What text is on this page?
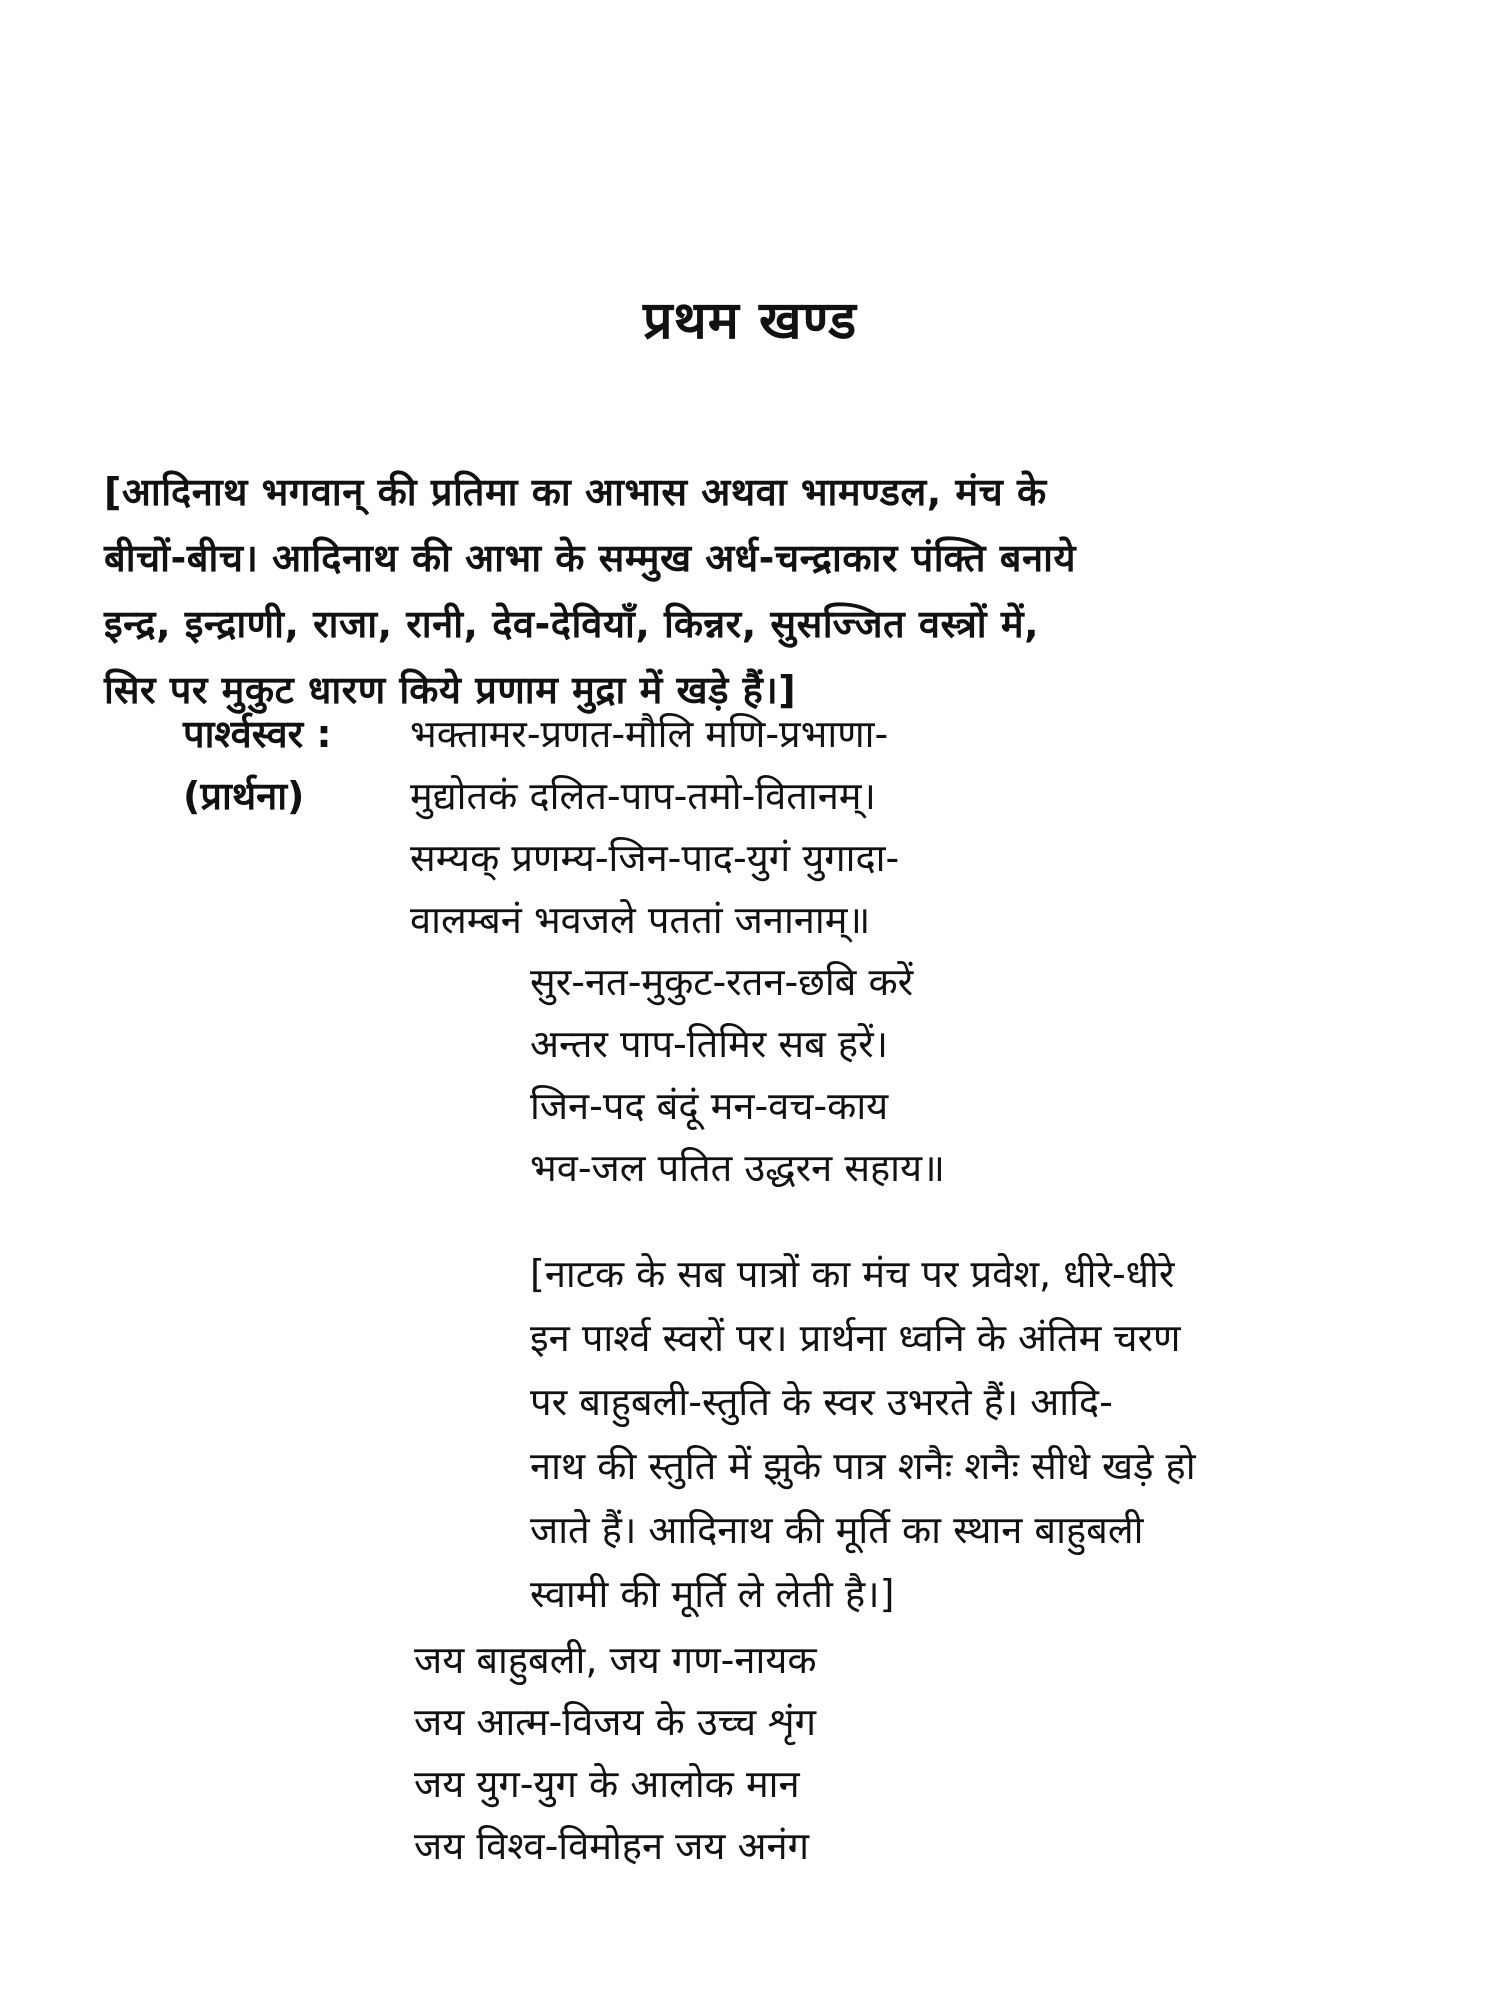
प्रथम खण्ड
[आदिनाथ भगवान् की प्रतिमा का आभास अथवा भामण्डल, मंच के
बीचों-बीच। आदिनाथ की आभा के सम्मुख अर्ध-चन्द्राकार पंक्ति बनाये
इन्द्र, इन्द्राणी, राजा, रानी, देव-देवियाँ, किन्नर, सुसज्जित वस्त्रों में,
सिर पर मुकुट धारण किये प्रणाम मुद्रा में खड़े हैं।]
पार्श्वस्वर :
(प्रार्थना)
भक्तामर-प्रणत-मौलि मणि-प्रभाणा-
मुद्योतकं दलित-पाप-तमो-वितानम्।
सम्यक् प्रणम्य-जिन-पाद-युगं युगादा-
वालम्बनं भवजले पततां जनानाम्॥
सुर-नत-मुकुट-रतन-छबि करें
अन्तर पाप-तिमिर सब हरें।
जिन-पद बंदूं मन-वच-काय
भव-जल पतित उद्धरन सहाय॥
[नाटक के सब पात्रों का मंच पर प्रवेश, धीरे-धीरे
इन पार्श्व स्वरों पर। प्रार्थना ध्वनि के अंतिम चरण
पर बाहुबली-स्तुति के स्वर उभरते हैं। आदि-
नाथ की स्तुति में झुके पात्र शनैः शनैः सीधे खड़े हो
जाते हैं। आदिनाथ की मूर्ति का स्थान बाहुबली
स्वामी की मूर्ति ले लेती है।]
जय बाहुबली, जय गण-नायक
जय आत्म-विजय के उच्च शृंग
जय युग-युग के आलोक मान
जय विश्व-विमोहन जय अनंग
